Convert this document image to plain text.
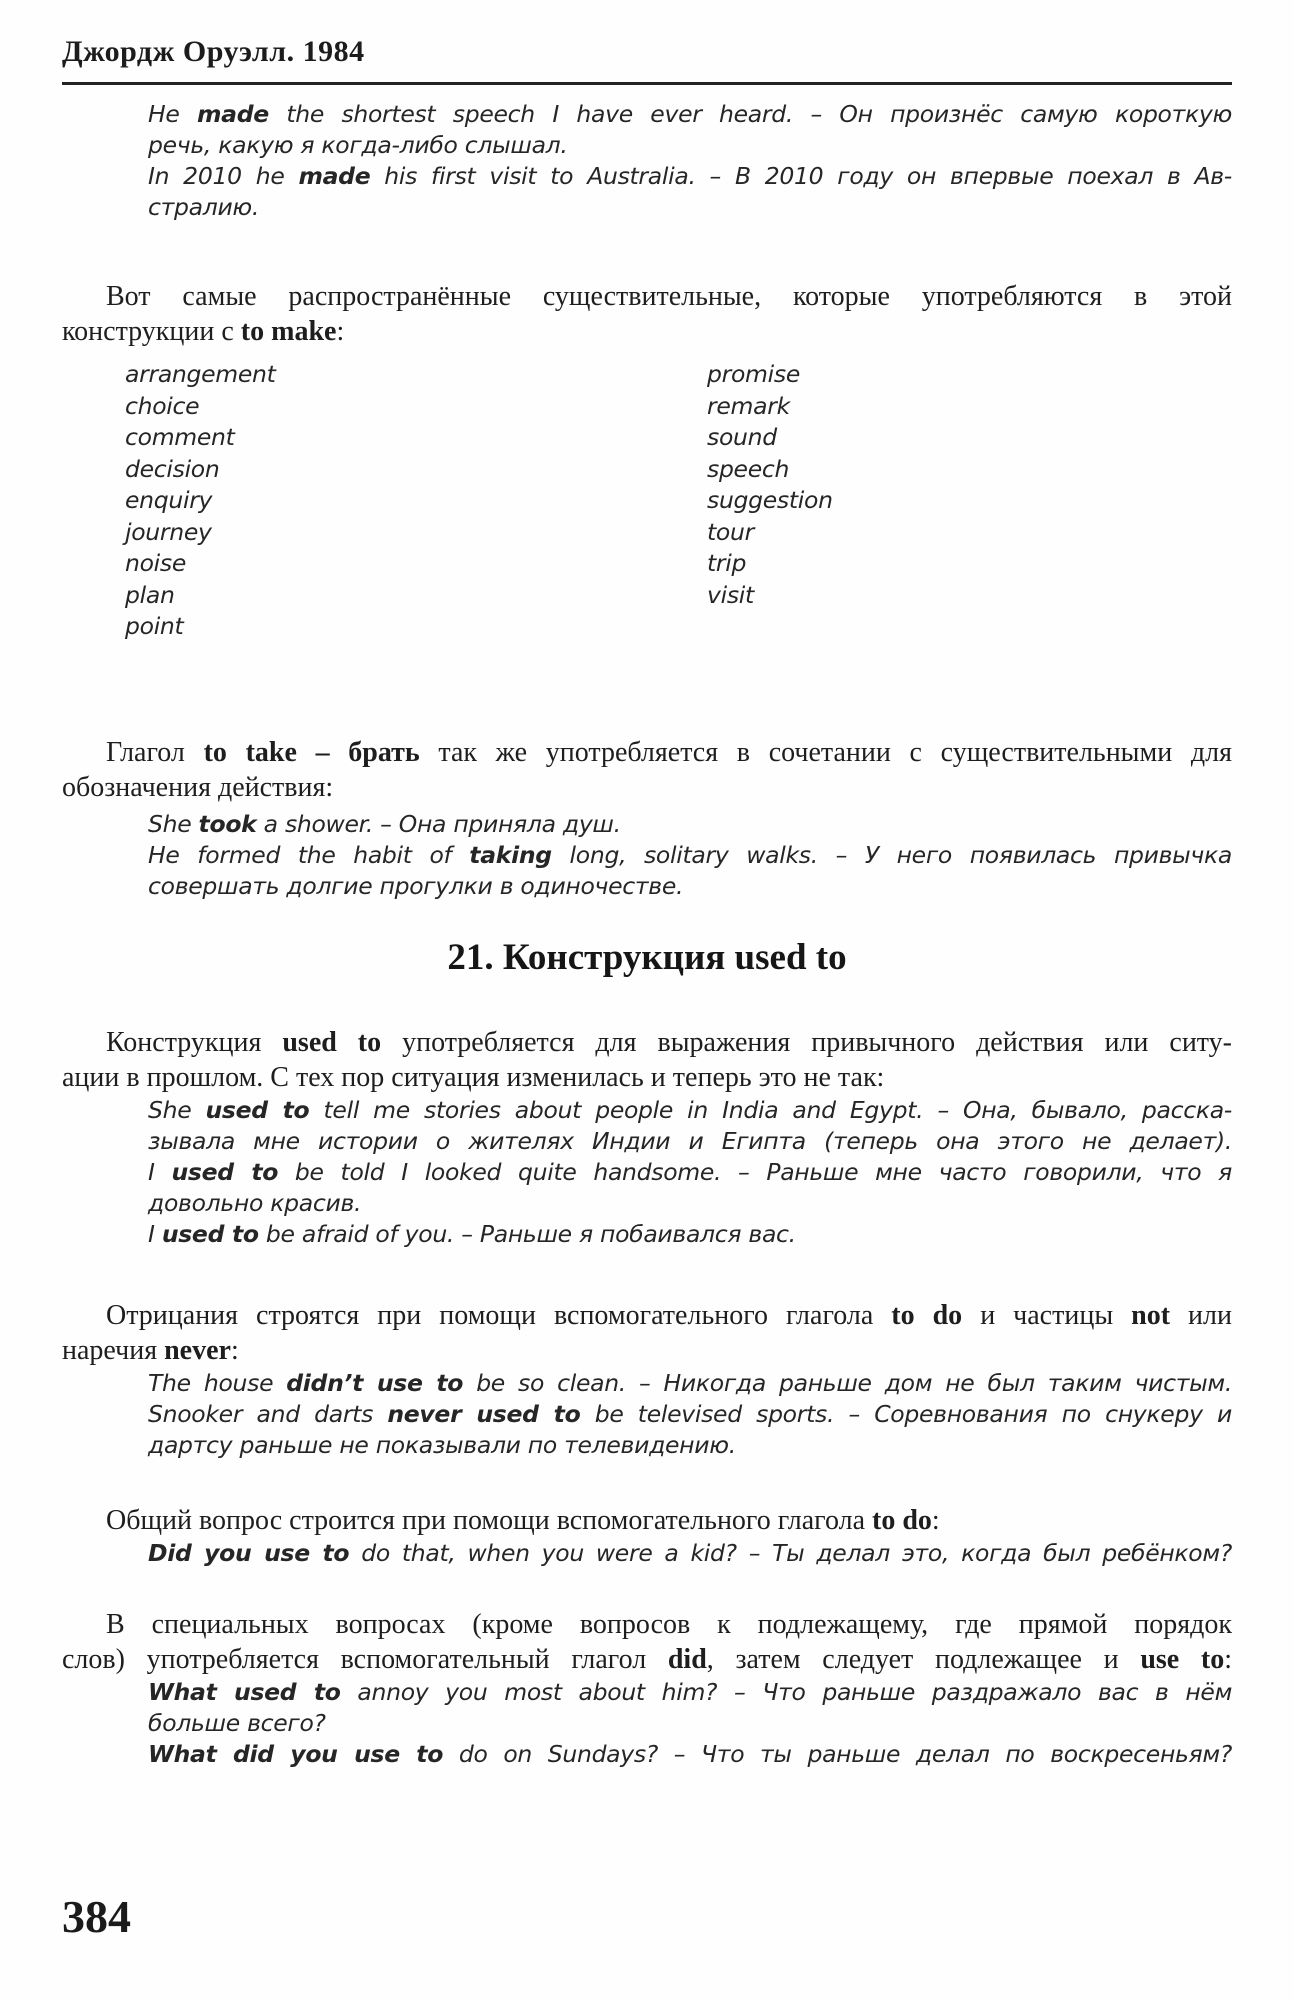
Джордж Оруэлл. 1984
He made the shortest speech I have ever heard. – Он произнёс самую короткую
речь, какую я когда-либо слышал.
In 2010 he made his first visit to Australia. – В 2010 году он впервые поехал в Ав-
стралию.
Вот самые распространённые существительные, которые употребляются в этой
конструкции с to make:
arrangement
choice
comment
decision
enquiry
journey
noise
plan
point
promise
remark
sound
speech
suggestion
tour
trip
visit
Глагол to take – брать так же употребляется в сочетании с существительными для
обозначения действия:
She took a shower. – Она приняла душ.
He formed the habit of taking long, solitary walks. – У него появилась привычка
совершать долгие прогулки в одиночестве.
21. Конструкция used to
Конструкция used to употребляется для выражения привычного действия или ситу-
ации в прошлом. С тех пор ситуация изменилась и теперь это не так:
She used to tell me stories about people in India and Egypt. – Она, бывало, расска-
зывала мне истории о жителях Индии и Египта (теперь она этого не делает).
I used to be told I looked quite handsome. – Раньше мне часто говорили, что я
довольно красив.
I used to be afraid of you. – Раньше я побаивался вас.
Отрицания строятся при помощи вспомогательного глагола to do и частицы not или
наречия never:
The house didn’t use to be so clean. – Никогда раньше дом не был таким чистым.
Snooker and darts never used to be televised sports. – Соревнования по снукеру и
дартсу раньше не показывали по телевидению.
Общий вопрос строится при помощи вспомогательного глагола to do:
Did you use to do that, when you were a kid? – Ты делал это, когда был ребёнком?
В специальных вопросах (кроме вопросов к подлежащему, где прямой порядок
слов) употребляется вспомогательный глагол did, затем следует подлежащее и use to:
What used to annoy you most about him? – Что раньше раздражало вас в нём
больше всего?
What did you use to do on Sundays? – Что ты раньше делал по воскресеньям?
384
